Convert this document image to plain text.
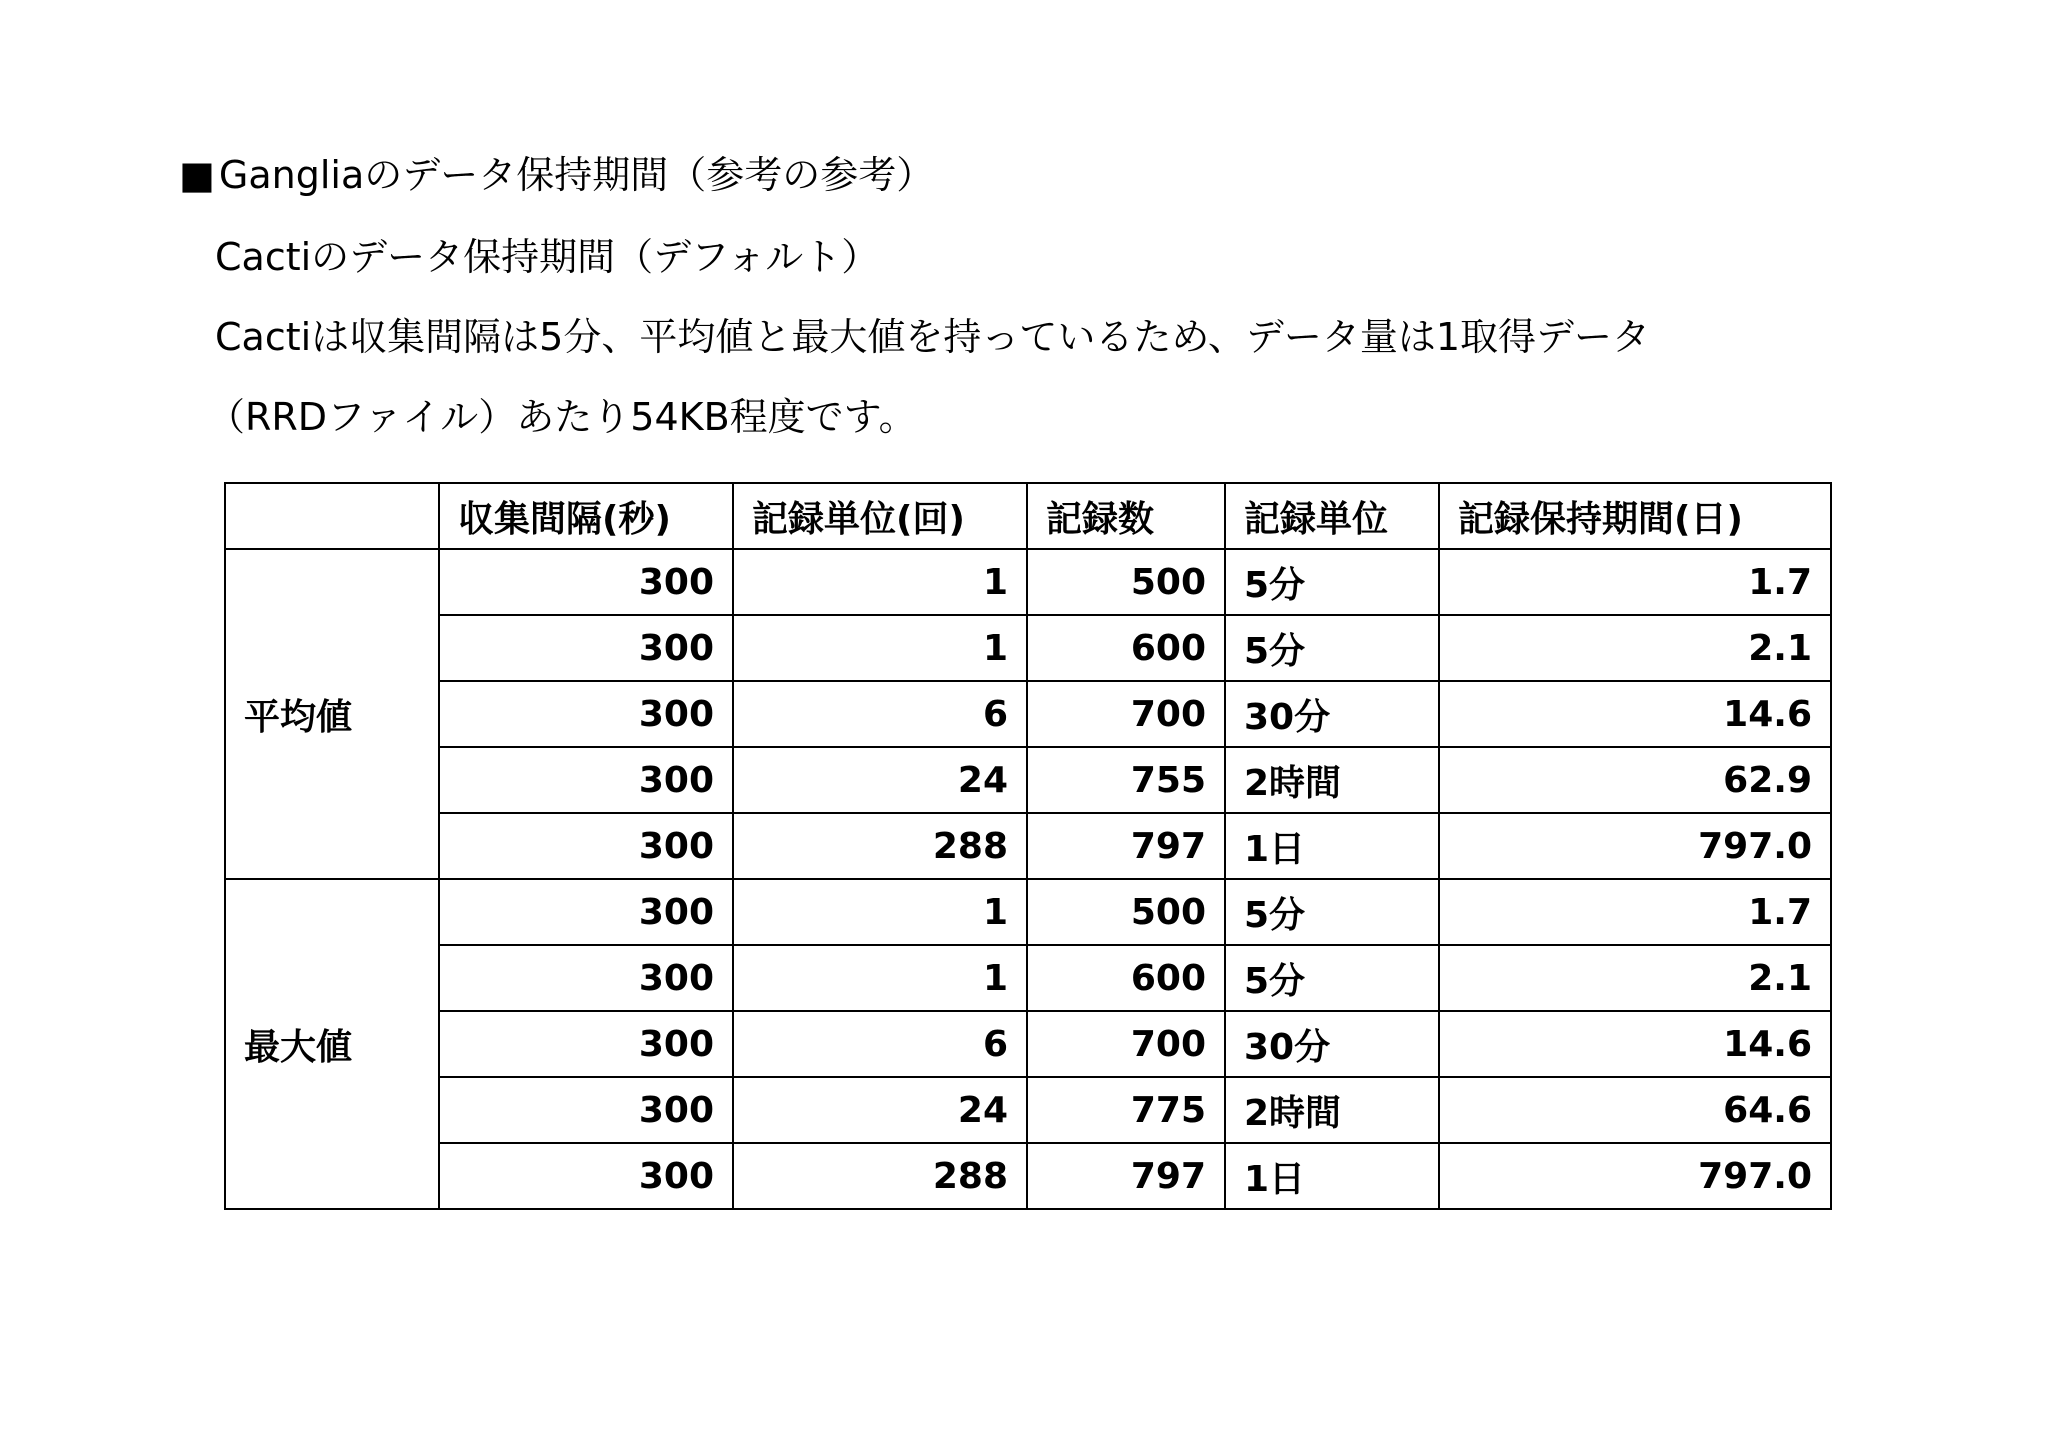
■ Gangliaのデータ保持期間（参考の参考）
Cactiのデータ保持期間（デフォルト）
Cactiは収集間隔は5分、平均値と最大値を持っているため、データ量は1取得データ
（RRDファイル）あたり54KB程度です。
	収集間隔(秒)	記録単位(回)	記録数	記録単位	記録保持期間(日)
平均値	300	1	500	5分	1.7
	300	1	600	5分	2.1
	300	6	700	30分	14.6
	300	24	755	2時間	62.9
	300	288	797	1日	797.0
最大値	300	1	500	5分	1.7
	300	1	600	5分	2.1
	300	6	700	30分	14.6
	300	24	775	2時間	64.6
	300	288	797	1日	797.0
